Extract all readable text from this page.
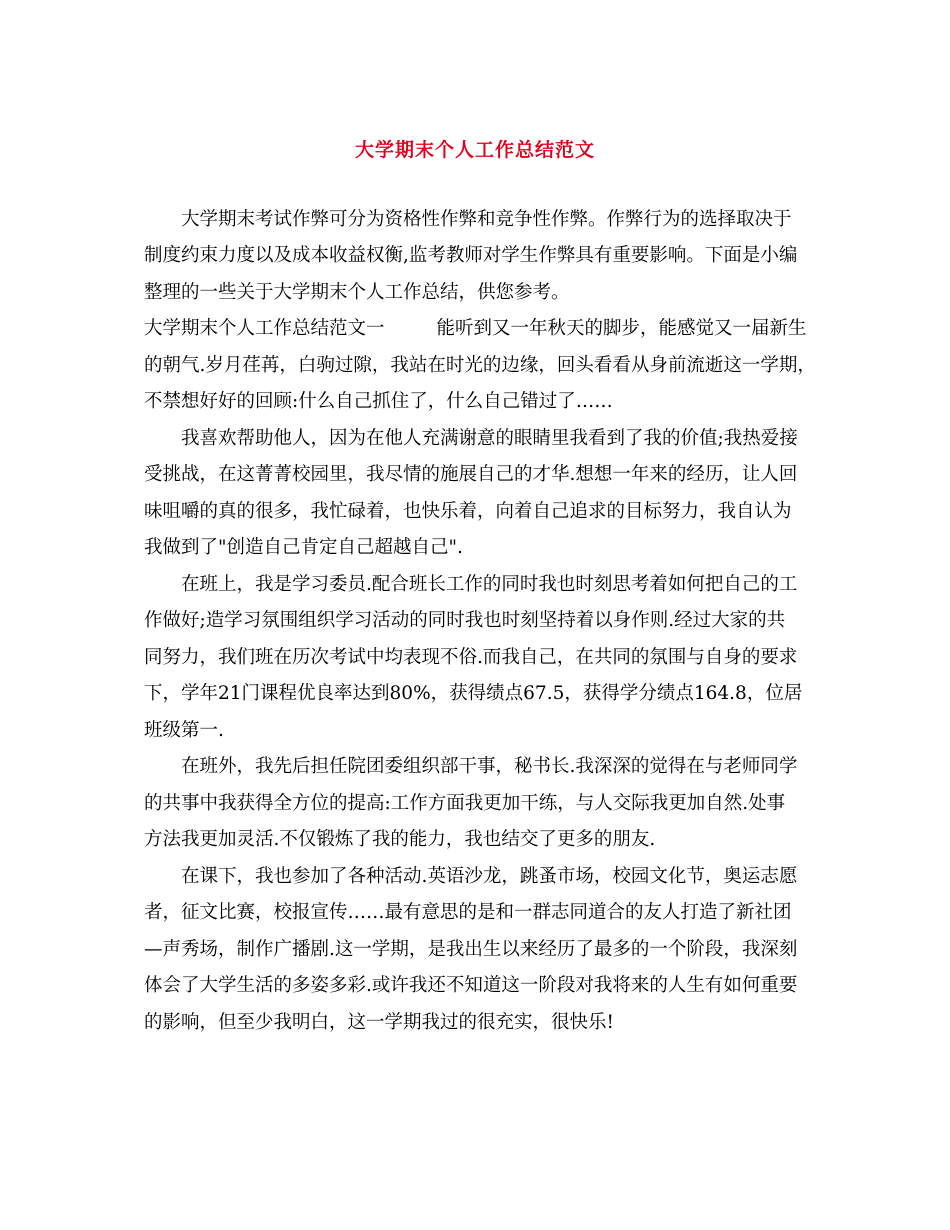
大学期末个人工作总结范文
大学期末考试作弊可分为资格性作弊和竞争性作弊。作弊行为的选择取决于
制度约束力度以及成本收益权衡,监考教师对学生作弊具有重要影响。下面是小编
整理的一些关于大学期末个人工作总结，供您参考。
大学期末个人工作总结范文一	能听到又一年秋天的脚步，能感觉又一届新生
的朝气.岁月荏苒，白驹过隙，我站在时光的边缘，回头看看从身前流逝这一学期，
不禁想好好的回顾:什么自己抓住了，什么自己错过了……
我喜欢帮助他人，因为在他人充满谢意的眼睛里我看到了我的价值;我热爱接
受挑战，在这菁菁校园里，我尽情的施展自己的才华.想想一年来的经历，让人回
味咀嚼的真的很多，我忙碌着，也快乐着，向着自己追求的目标努力，我自认为
我做到了"创造自己肯定自己超越自己".
在班上，我是学习委员.配合班长工作的同时我也时刻思考着如何把自己的工
作做好;造学习氛围组织学习活动的同时我也时刻坚持着以身作则.经过大家的共
同努力，我们班在历次考试中均表现不俗.而我自己，在共同的氛围与自身的要求
下，学年21门课程优良率达到80%，获得绩点67.5，获得学分绩点164.8，位居
班级第一.
在班外，我先后担任院团委组织部干事，秘书长.我深深的觉得在与老师同学
的共事中我获得全方位的提高:工作方面我更加干练，与人交际我更加自然.处事
方法我更加灵活.不仅锻炼了我的能力，我也结交了更多的朋友.
在课下，我也参加了各种活动.英语沙龙，跳蚤市场，校园文化节，奥运志愿
者，征文比赛，校报宣传……最有意思的是和一群志同道合的友人打造了新社团
—声秀场，制作广播剧.这一学期，是我出生以来经历了最多的一个阶段，我深刻
体会了大学生活的多姿多彩.或许我还不知道这一阶段对我将来的人生有如何重要
的影响，但至少我明白，这一学期我过的很充实，很快乐!
